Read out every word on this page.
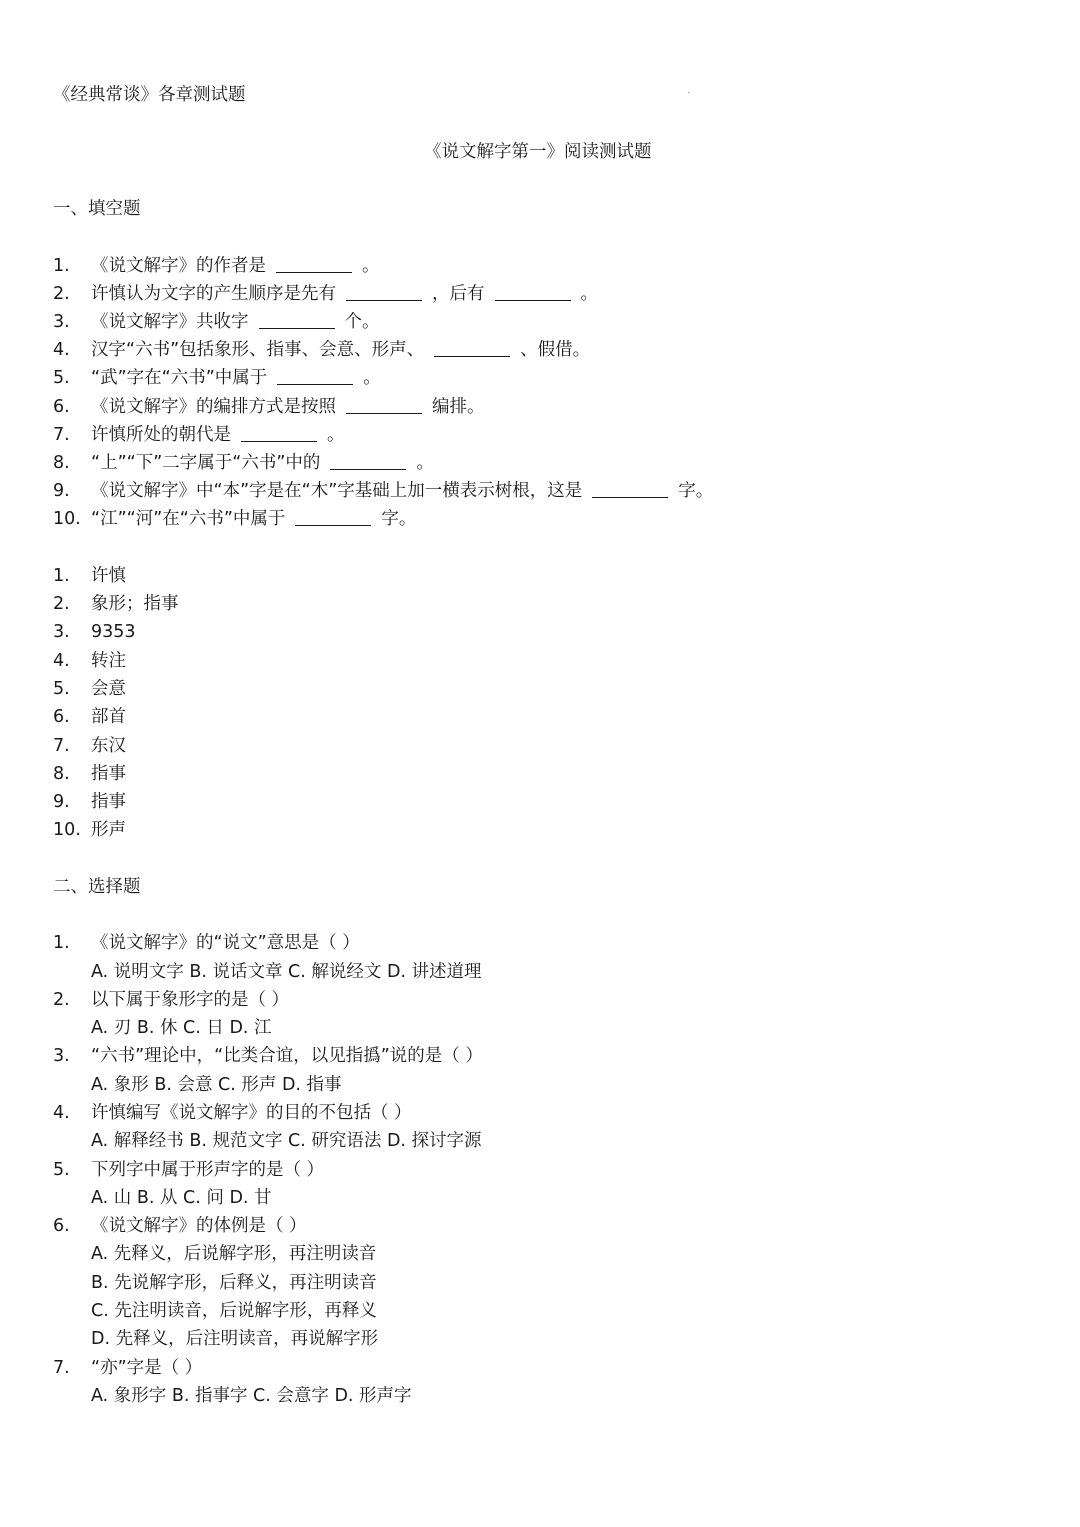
《经典常谈》各章测试题
《说文解字第一》阅读测试题
一、填空题
1. 《说文解字》的作者是	。
2. 许慎认为文字的产生顺序是先有	，后有	。
3. 《说文解字》共收字	个。
4. 汉字“六书”包括象形、指事、会意、形声、	、假借。
5. “武”字在“六书”中属于	。
6. 《说文解字》的编排方式是按照	编排。
7. 许慎所处的朝代是	。
8. “上”“下”二字属于“六书”中的	。
9. 《说文解字》中“本”字是在“木”字基础上加一横表示树根，这是	字。
10. “江”“河”在“六书”中属于	字。
1. 许慎
2. 象形；指事
3. 9353
4. 转注
5. 会意
6. 部首
7. 东汉
8. 指事
9. 指事
10. 形声
二、选择题
1. 《说文解字》的“说文”意思是（ ）
A. 说明文字 B. 说话文章 C. 解说经文 D. 讲述道理
2. 以下属于象形字的是（ ）
A. 刃 B. 休 C. 日 D. 江
3. “六书”理论中，“比类合谊，以见指撝”说的是（ ）
A. 象形 B. 会意 C. 形声 D. 指事
4. 许慎编写《说文解字》的目的不包括（ ）
A. 解释经书 B. 规范文字 C. 研究语法 D. 探讨字源
5. 下列字中属于形声字的是（ ）
A. 山 B. 从 C. 问 D. 甘
6. 《说文解字》的体例是（ ）
A. 先释义，后说解字形，再注明读音
B. 先说解字形，后释义，再注明读音
C. 先注明读音，后说解字形，再释义
D. 先释义，后注明读音，再说解字形
7. “亦”字是（ ）
A. 象形字 B. 指事字 C. 会意字 D. 形声字
